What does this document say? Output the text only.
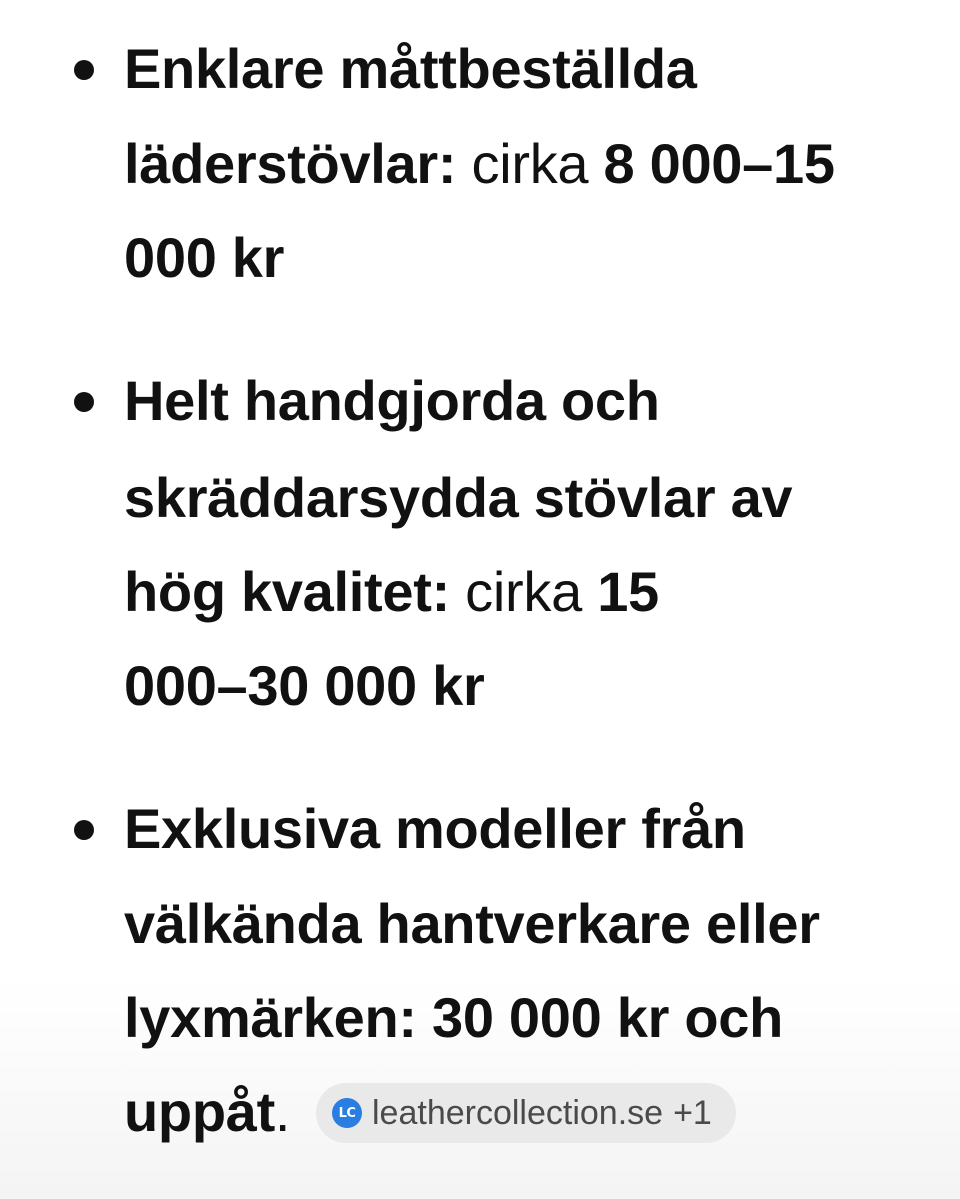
Enklare måttbeställda
läderstövlar: cirka 8 000–15
000 kr
Helt handgjorda och
skräddarsydda stövlar av
hög kvalitet: cirka 15
000–30 000 kr
Exklusiva modeller från
välkända hantverkare eller
lyxmärken: 30 000 kr och
uppåt.	LC leathercollection.se +1
